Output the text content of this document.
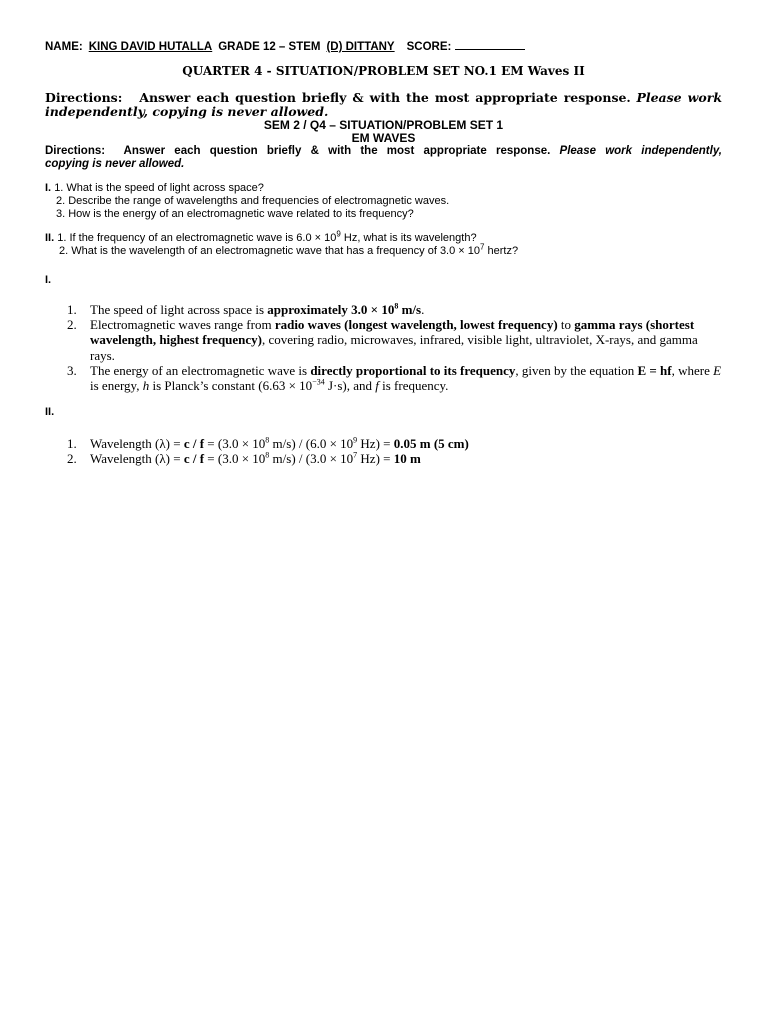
NAME: KING DAVID HUTALLA GRADE 12 – STEM (D) DITTANY SCORE:
QUARTER 4 - SITUATION/PROBLEM SET NO.1 EM Waves II
Directions: Answer each question briefly & with the most appropriate response. Please work
independently, copying is never allowed.
SEM 2 / Q4 – SITUATION/PROBLEM SET 1
EM WAVES
Directions: Answer each question briefly & with the most appropriate response. Please work independently,
copying is never allowed.
I. 1. What is the speed of light across space?
2. Describe the range of wavelengths and frequencies of electromagnetic waves.
3. How is the energy of an electromagnetic wave related to its frequency?
II. 1. If the frequency of an electromagnetic wave is $6.0 \times 10^9$ Hz, what is its wavelength?
2. What is the wavelength of an electromagnetic wave that has a frequency of $3.0 \times 10^7$ hertz?
I.
1. The speed of light across space is approximately $3.0 \times 10^8$ m/s.
2. Electromagnetic waves range from radio waves (longest wavelength, lowest frequency) to gamma rays (shortest wavelength, highest frequency), covering radio, microwaves, infrared, visible light, ultraviolet, X-rays, and gamma rays.
3. The energy of an electromagnetic wave is directly proportional to its frequency, given by the equation E = hf, where E is energy, h is Planck’s constant ($6.63 \times 10^{-34}$ J·s), and f is frequency.
II.
1. Wavelength $(\lambda) = c / f = (3.0 \times 10^8$ $m/s) / (6.0 \times 10^9$ Hz) = 0.05 m (5 cm)
2. Wavelength $(\lambda) = c / f = (3.0 \times 10^8$ $m/s) / (3.0 \times 10^7$ Hz) = 10 m
